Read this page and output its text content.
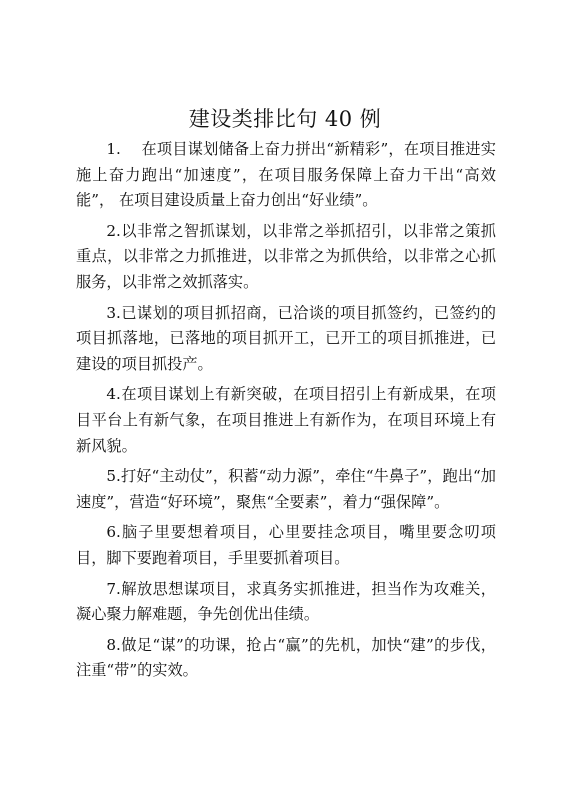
建设类排比句 40 例

1.　 在项目谋划储备上奋力拼出“新精彩”，在项目推进实施上奋力跑出“加速度”，在项目服务保障上奋力干出“高效能”， 在项目建设质量上奋力创出“好业绩”。

2.以非常之智抓谋划，以非常之举抓招引，以非常之策抓重点，以非常之力抓推进，以非常之为抓供给，以非常之心抓服务，以非常之效抓落实。

3.已谋划的项目抓招商，已洽谈的项目抓签约，已签约的项目抓落地，已落地的项目抓开工，已开工的项目抓推进，已建设的项目抓投产。

4.在项目谋划上有新突破，在项目招引上有新成果，在项目平台上有新气象，在项目推进上有新作为，在项目环境上有新风貌。

5.打好“主动仗”，积蓄“动力源”，牵住“牛鼻子”，跑出“加速度”，营造“好环境”，聚焦“全要素”，着力“强保障”。

6.脑子里要想着项目，心里要挂念项目，嘴里要念叨项目，脚下要跑着项目，手里要抓着项目。

7.解放思想谋项目，求真务实抓推进，担当作为攻难关，凝心聚力解难题，争先创优出佳绩。

8.做足“谋”的功课，抢占“赢”的先机，加快“建”的步伐，注重“带”的实效。
